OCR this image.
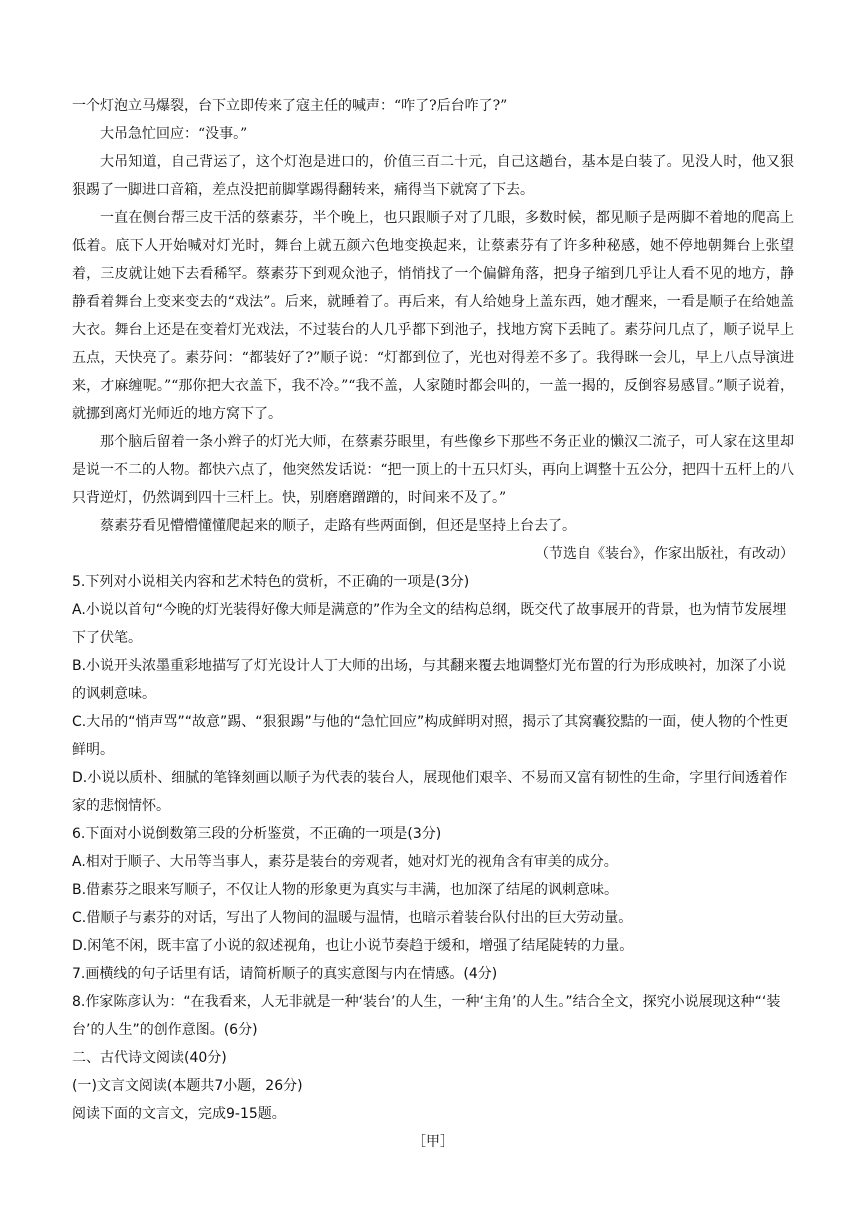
一个灯泡立马爆裂，台下立即传来了寇主任的喊声：“咋了?后台咋了?”

大吊急忙回应：“没事。”

大吊知道，自己背运了，这个灯泡是进口的，价值三百二十元，自己这趟台，基本是白装了。见没人时，他又狠狠踢了一脚进口音箱，差点没把前脚掌踢得翻转来，痛得当下就窝了下去。

一直在侧台帮三皮干活的蔡素芬，半个晚上，也只跟顺子对了几眼，多数时候，都见顺子是两脚不着地的爬高上低着。底下人开始喊对灯光时，舞台上就五颜六色地变换起来，让蔡素芬有了许多种秘感，她不停地朝舞台上张望着，三皮就让她下去看稀罕。蔡素芬下到观众池子，悄悄找了一个偏僻角落，把身子缩到几乎让人看不见的地方，静静看着舞台上变来变去的“戏法”。后来，就睡着了。再后来，有人给她身上盖东西，她才醒来，一看是顺子在给她盖大衣。舞台上还是在变着灯光戏法，不过装台的人几乎都下到池子，找地方窝下丢盹了。素芬问几点了，顺子说早上五点，天快亮了。素芬问：“都装好了?”顺子说：“灯都到位了，光也对得差不多了。我得眯一会儿，早上八点导演进来，才麻缠呢。”“那你把大衣盖下，我不冷。”“我不盖，人家随时都会叫的，一盖一揭的，反倒容易感冒。”顺子说着，就挪到离灯光师近的地方窝下了。

那个脑后留着一条小辫子的灯光大师，在蔡素芬眼里，有些像乡下那些不务正业的懒汉二流子，可人家在这里却是说一不二的人物。都快六点了，他突然发话说：“把一顶上的十五只灯头，再向上调整十五公分，把四十五杆上的八只背逆灯，仍然调到四十三杆上。快，别磨磨蹭蹭的，时间来不及了。”

蔡素芬看见懵懵懂懂爬起来的顺子，走路有些两面倒，但还是坚持上台去了。

（节选自《装台》，作家出版社，有改动）

5.下列对小说相关内容和艺术特色的赏析，不正确的一项是(3分)

A.小说以首句“今晚的灯光装得好像大师是满意的”作为全文的结构总纲，既交代了故事展开的背景，也为情节发展埋下了伏笔。

B.小说开头浓墨重彩地描写了灯光设计人丁大师的出场，与其翻来覆去地调整灯光布置的行为形成映衬，加深了小说的讽刺意味。

C.大吊的“悄声骂”“故意”踢、“狠狠踢”与他的“急忙回应”构成鲜明对照，揭示了其窝囊狡黠的一面，使人物的个性更鲜明。

D.小说以质朴、细腻的笔锋刻画以顺子为代表的装台人，展现他们艰辛、不易而又富有韧性的生命，字里行间透着作家的悲悯情怀。

6.下面对小说倒数第三段的分析鉴赏，不正确的一项是(3分)

A.相对于顺子、大吊等当事人，素芬是装台的旁观者，她对灯光的视角含有审美的成分。

B.借素芬之眼来写顺子，不仅让人物的形象更为真实与丰满，也加深了结尾的讽刺意味。

C.借顺子与素芬的对话，写出了人物间的温暖与温情，也暗示着装台队付出的巨大劳动量。

D.闲笔不闲，既丰富了小说的叙述视角，也让小说节奏趋于缓和，增强了结尾陡转的力量。

7.画横线的句子话里有话，请简析顺子的真实意图与内在情感。(4分)

8.作家陈彦认为：“在我看来，人无非就是一种‘装台’的人生，一种‘主角’的人生。”结合全文，探究小说展现这种“‘装台’的人生”的创作意图。(6分)

二、古代诗文阅读(40分)

(一)文言文阅读(本题共7小题，26分)

阅读下面的文言文，完成9-15题。

［甲］
